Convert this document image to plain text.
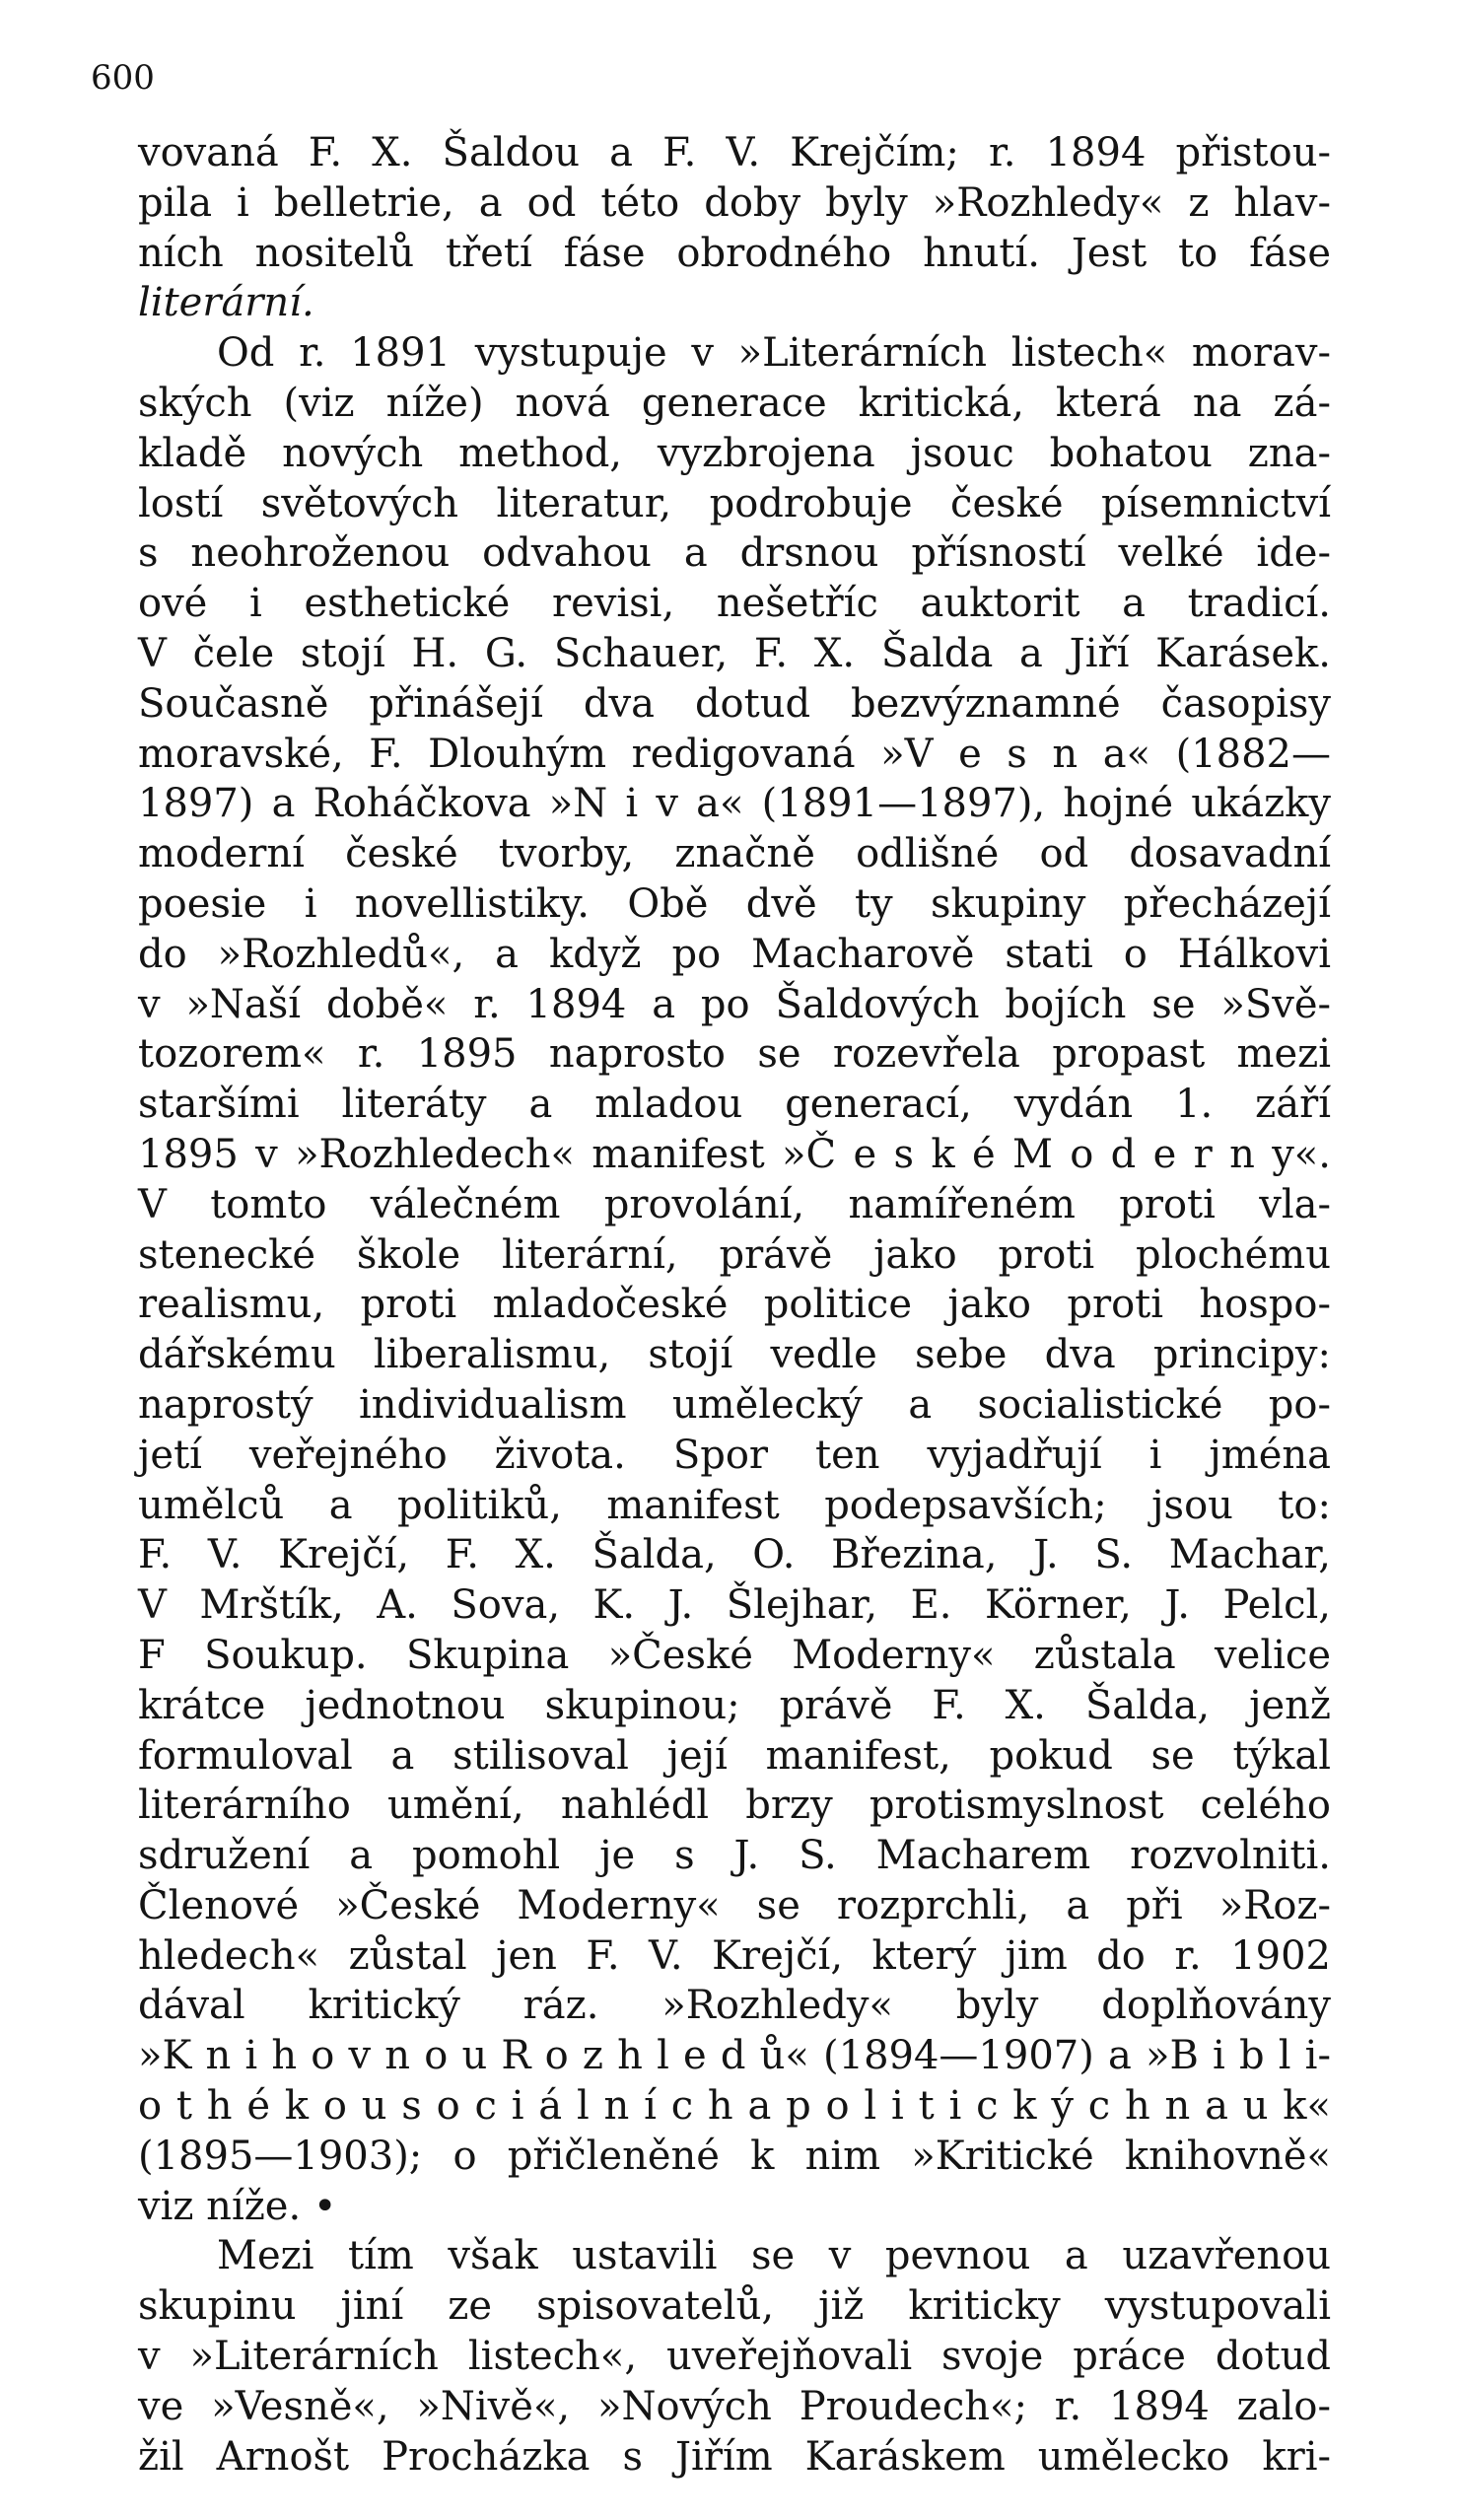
600
vovaná F. X. Šaldou a F. V. Krejčím; r. 1894 přistou-
pila i belletrie, a od této doby byly »Rozhledy« z hlav-
ních nositelů třetí fáse obrodného hnutí. Jest to fáse
literární.
Od r. 1891 vystupuje v »Literárních listech« morav-
ských (viz níže) nová generace kritická, která na zá-
kladě nových method, vyzbrojena jsouc bohatou zna-
lostí světových literatur, podrobuje české písemnictví
s neohroženou odvahou a drsnou přísností velké ide-
ové i esthetické revisi, nešetříc auktorit a tradicí.
V čele stojí H. G. Schauer, F. X. Šalda a Jiří Karásek.
Současně přinášejí dva dotud bezvýznamné časopisy
moravské, F. Dlouhým redigovaná »V e s n a« (1882—
1897) a Roháčkova »N i v a« (1891—1897), hojné ukázky
moderní české tvorby, značně odlišné od dosavadní
poesie i novellistiky. Obě dvě ty skupiny přecházejí
do »Rozhledů«, a když po Macharově stati o Hálkovi
v »Naší době« r. 1894 a po Šaldových bojích se »Svě-
tozorem« r. 1895 naprosto se rozevřela propast mezi
staršími literáty a mladou generací, vydán 1. září
1895 v »Rozhledech« manifest »Č e s k é M o d e r n y«.
V tomto válečném provolání, namířeném proti vla-
stenecké škole literární, právě jako proti plochému
realismu, proti mladočeské politice jako proti hospo-
dářskému liberalismu, stojí vedle sebe dva principy:
naprostý individualism umělecký a socialistické po-
jetí veřejného života. Spor ten vyjadřují i jména
umělců a politiků, manifest podepsavších; jsou to:
F. V. Krejčí, F. X. Šalda, O. Březina, J. S. Machar,
V Mrštík, A. Sova, K. J. Šlejhar, E. Körner, J. Pelcl,
F Soukup. Skupina »České Moderny« zůstala velice
krátce jednotnou skupinou; právě F. X. Šalda, jenž
formuloval a stilisoval její manifest, pokud se týkal
literárního umění, nahlédl brzy protismyslnost celého
sdružení a pomohl je s J. S. Macharem rozvolniti.
Členové »České Moderny« se rozprchli, a při »Roz-
hledech« zůstal jen F. V. Krejčí, který jim do r. 1902
dával kritický ráz. »Rozhledy« byly doplňovány
»K n i h o v n o u R o z h l e d ů« (1894—1907) a »B i b l i-
o t h é k o u s o c i á l n í c h a p o l i t i c k ý c h n a u k«
(1895—1903); o přičleněné k nim »Kritické knihovně«
viz níže. •
Mezi tím však ustavili se v pevnou a uzavřenou
skupinu jiní ze spisovatelů, již kriticky vystupovali
v »Literárních listech«, uveřejňovali svoje práce dotud
ve »Vesně«, »Nivě«, »Nových Proudech«; r. 1894 zalo-
žil Arnošt Procházka s Jiřím Karáskem umělecko kri-
